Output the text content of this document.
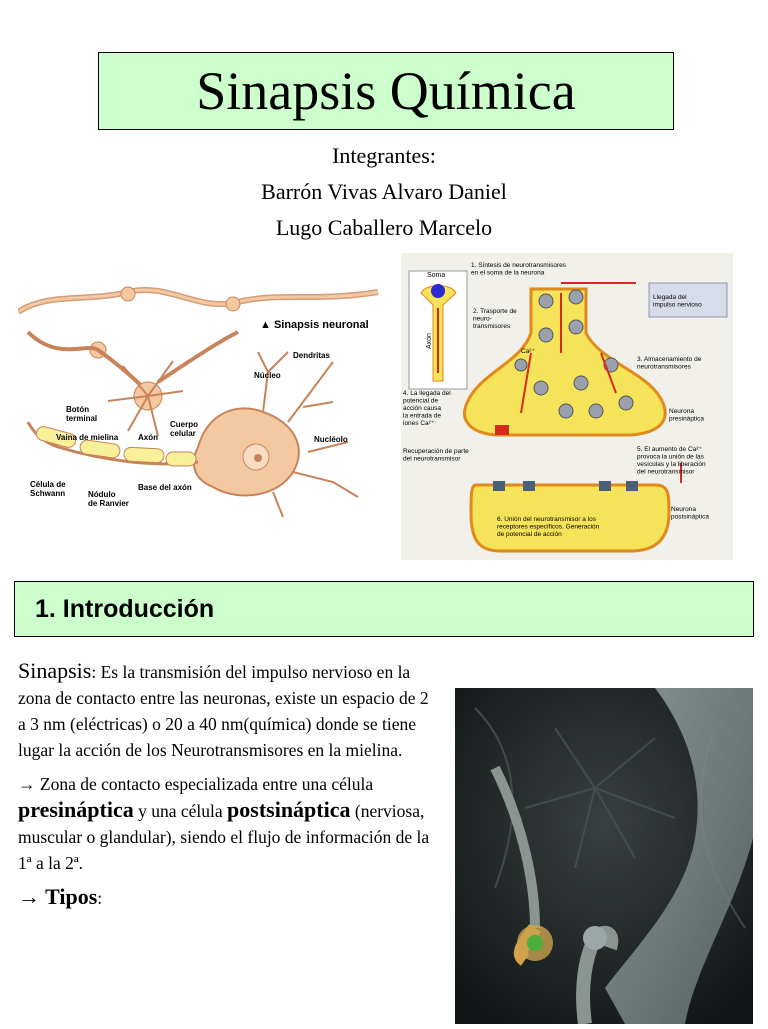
Sinapsis Química
Integrantes:
Barrón Vivas Alvaro Daniel
Lugo Caballero Marcelo
▲ Sinapsis neuronal
Dendritas
Núcleo
Nucléolo
Botón terminal
Vaina de mielina Axón
Cuerpo celular
Célula de Schwann	Nódulo de Ranvier
Base del axón
Soma
Axón
1. Síntesis de neurotransmisores en el soma de la neurona
2. Trasporte de neuro-transmisores
Llegada del impulso nervioso
Ca²⁺
3. Almacenamiento de neurotransmisores
4. La llegada del potencial de acción causa la entrada de iones Ca²⁺
Neurona presináptica
Recuperación de parte del neurotransmisor
5. El aumento de Ca²⁺ provoca la unión de las vesículas y la liberación del neurotransmisor
6. Unión del neurotransmisor a los receptores específicos. Generación de potencial de acción
Neurona postsináptica
1. Introducción

Sinapsis: Es la transmisión del impulso nervioso en la zona de contacto entre las neuronas, existe un espacio de 2 a 3 nm (eléctricas) o 20 a 40 nm(química) donde se tiene lugar la acción de los Neurotransmisores en la mielina.

→ Zona de contacto especializada entre una célula presináptica y una célula postsináptica (nerviosa, muscular o glandular), siendo el flujo de información de la 1ª a la 2ª.

→ Tipos:
